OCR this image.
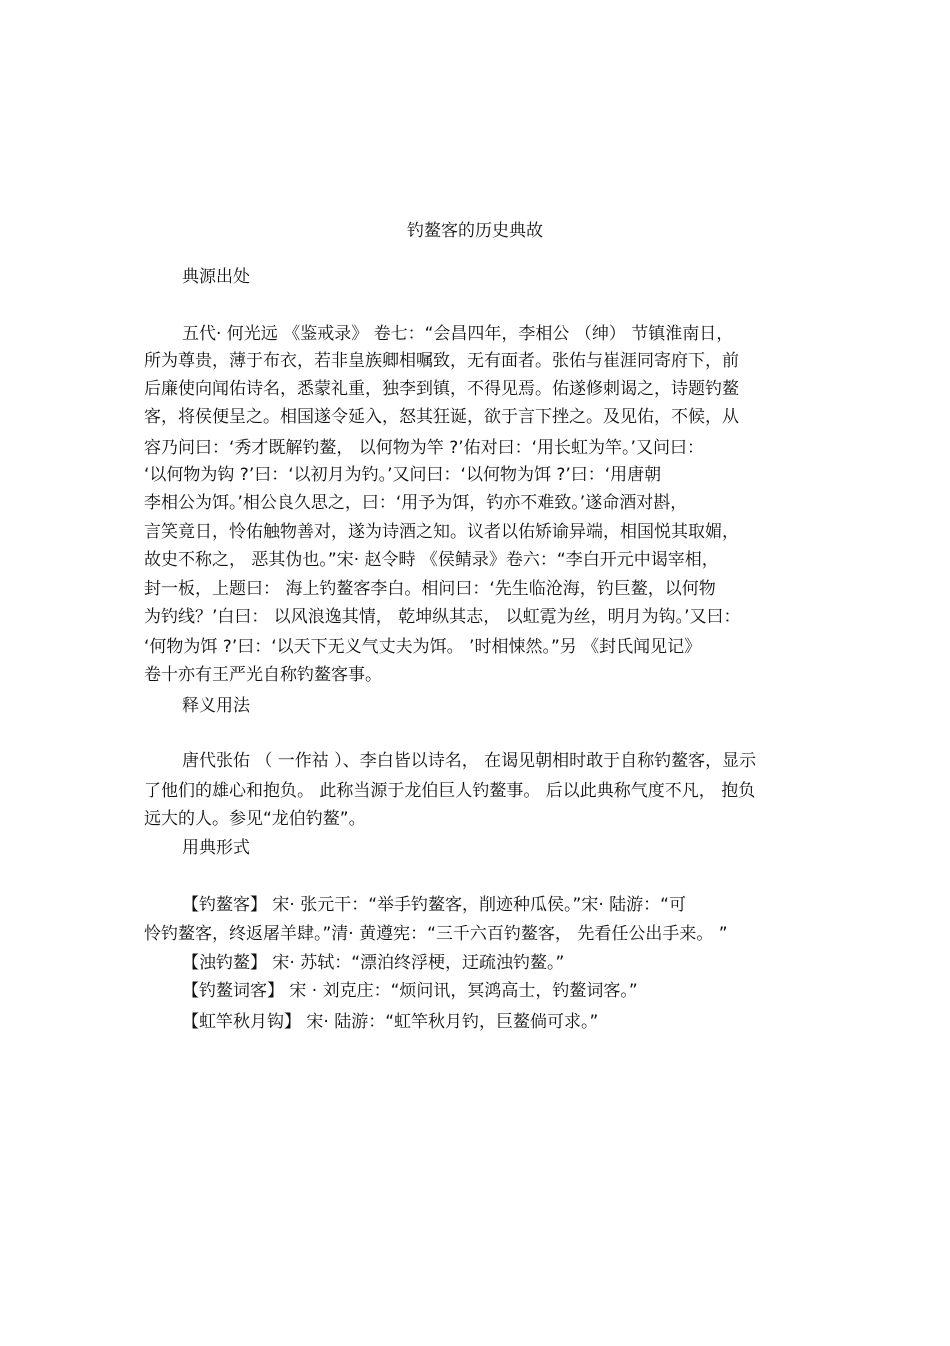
钓鳌客的历史典故
典源出处
五代· 何光远 《鉴戒录》 卷七：“会昌四年，李相公 （绅） 节镇淮南日，
所为尊贵，薄于布衣，若非皇族卿相嘱致，无有面者。张佑与崔涯同寄府下，前
后廉使向闻佑诗名，悉蒙礼重，独李到镇，不得见焉。佑遂修刺谒之，诗题钓鳌
客，将侯便呈之。相国遂令延入，怒其狂诞，欲于言下挫之。及见佑，不候，从
容乃问曰：‘秀才既解钓鳌， 以何物为竿 ?’佑对曰：‘用长虹为竿。’又问曰：
‘以何物为钩 ?’曰：‘以初月为钓。’又问曰：‘以何物为饵 ?’曰：‘用唐朝
李相公为饵。’相公良久思之，曰：‘用予为饵，钓亦不难致。’遂命酒对斟，
言笑竟日，怜佑触物善对，遂为诗酒之知。议者以佑矫谕异端，相国悦其取媚，
故史不称之， 恶其伪也。”宋· 赵令畤 《侯鲭录》卷六：“李白开元中谒宰相，
封一板，上题曰： 海上钓鳌客李白。相问曰：‘先生临沧海，钓巨鳌，以何物
为钓线？’白曰： 以风浪逸其情， 乾坤纵其志， 以虹霓为丝，明月为钩。’又曰：
‘何物为饵 ?’曰：‘以天下无义气丈夫为饵。 ’时相悚然。”另 《封氏闻见记》
卷十亦有王严光自称钓鳌客事。
释义用法
唐代张佑 （ 一作祜 ）、李白皆以诗名， 在谒见朝相时敢于自称钓鳌客，显示
了他们的雄心和抱负。 此称当源于龙伯巨人钓鳌事。 后以此典称气度不凡， 抱负
远大的人。参见“龙伯钓鳌”。
用典形式
【钓鳌客】 宋· 张元干：“举手钓鳌客，削迹种瓜侯。”宋· 陆游：“可
怜钓鳌客，终返屠羊肆。”清· 黄遵宪：“三千六百钓鳌客， 先看任公出手来。 ”
【浊钓鳌】 宋· 苏轼：“漂泊终浮梗，迂疏浊钓鳌。”
【钓鳌词客】 宋 · 刘克庄：“烦问讯，冥鸿高士，钓鳌词客。”
【虹竿秋月钩】 宋· 陆游：“虹竿秋月钓，巨鳌倘可求。”
